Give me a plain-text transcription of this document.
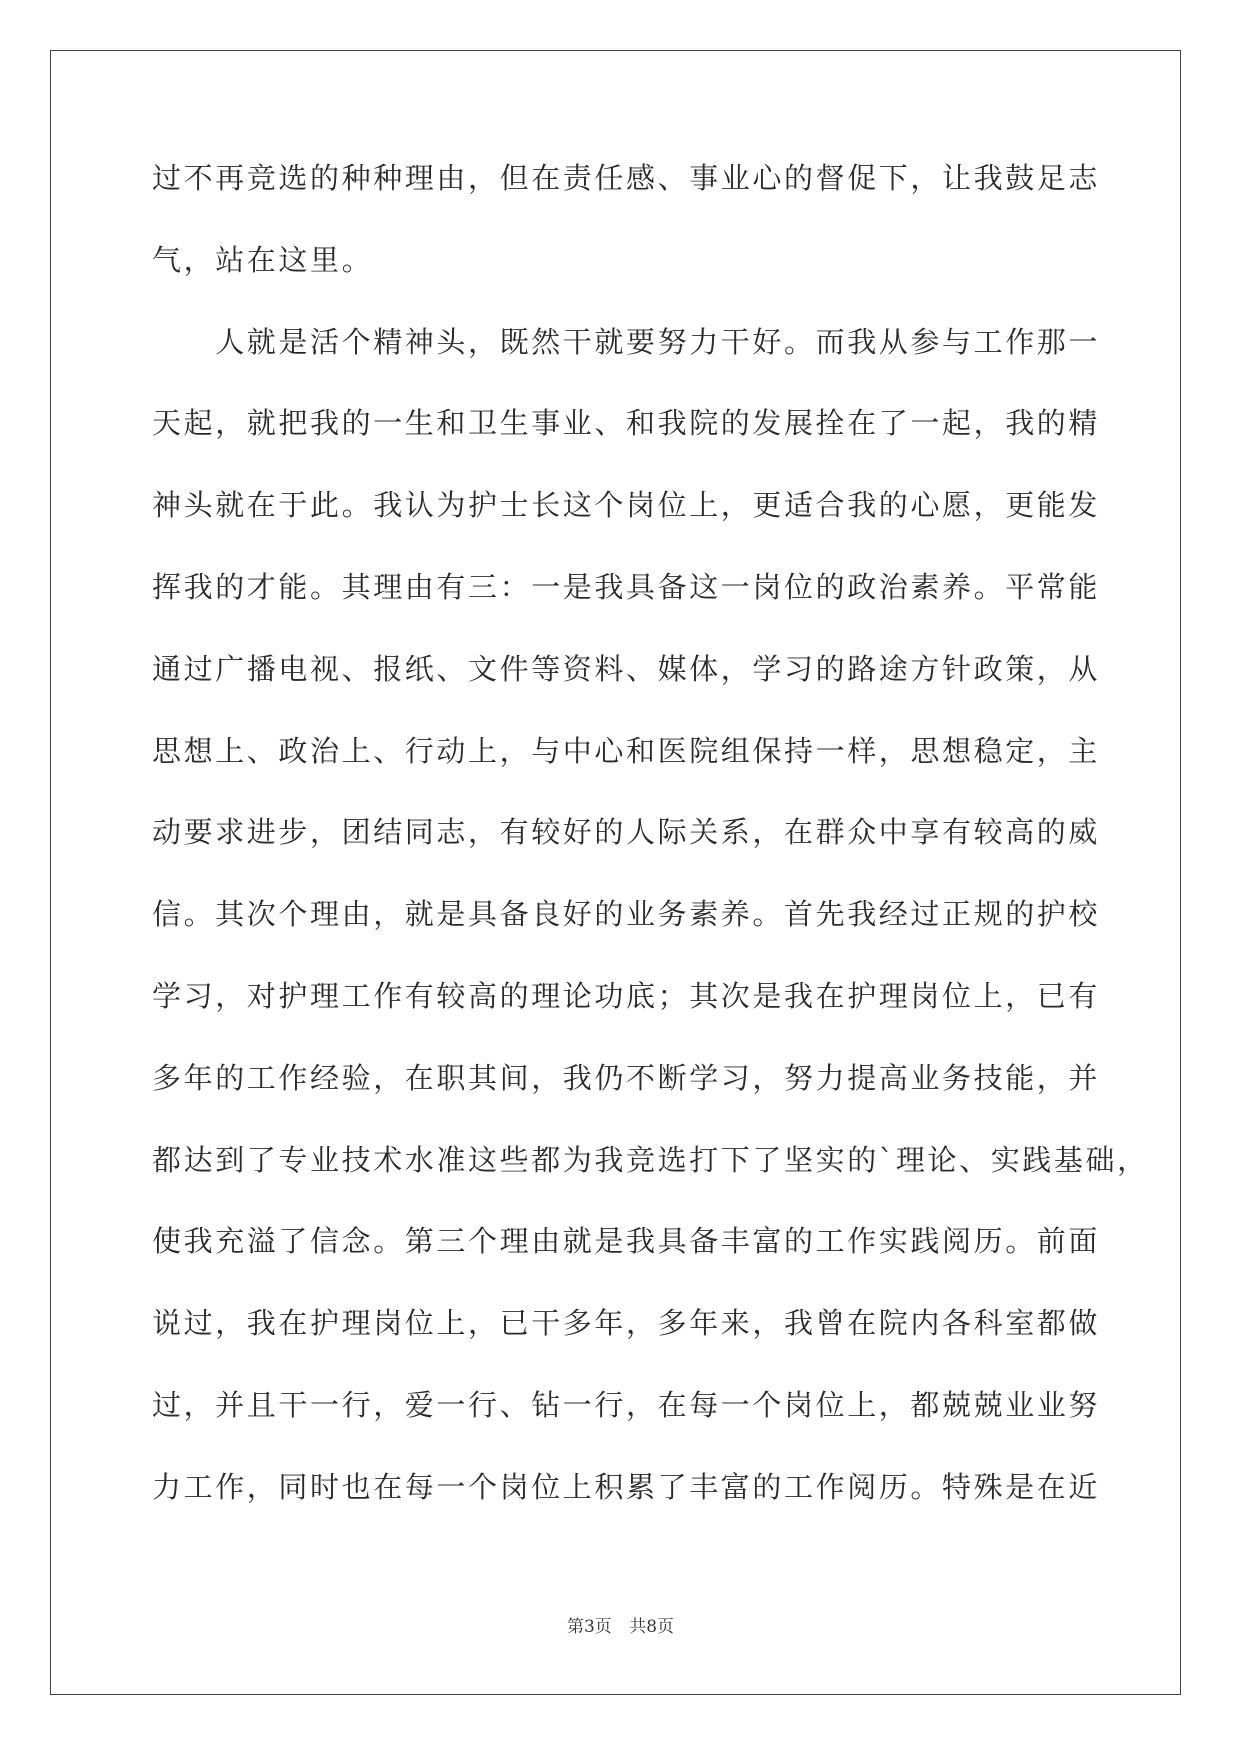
过不再竞选的种种理由，但在责任感、事业心的督促下，让我鼓足志
气，站在这里。
　　人就是活个精神头，既然干就要努力干好。而我从参与工作那一
天起，就把我的一生和卫生事业、和我院的发展拴在了一起，我的精
神头就在于此。我认为护士长这个岗位上，更适合我的心愿，更能发
挥我的才能。其理由有三：一是我具备这一岗位的政治素养。平常能
通过广播电视、报纸、文件等资料、媒体，学习的路途方针政策，从
思想上、政治上、行动上，与中心和医院组保持一样，思想稳定，主
动要求进步，团结同志，有较好的人际关系，在群众中享有较高的威
信。其次个理由，就是具备良好的业务素养。首先我经过正规的护校
学习，对护理工作有较高的理论功底；其次是我在护理岗位上，已有
多年的工作经验，在职其间，我仍不断学习，努力提高业务技能，并
都达到了专业技术水准这些都为我竞选打下了坚实的`理论、实践基础，
使我充溢了信念。第三个理由就是我具备丰富的工作实践阅历。前面
说过，我在护理岗位上，已干多年，多年来，我曾在院内各科室都做
过，并且干一行，爱一行、钻一行，在每一个岗位上，都兢兢业业努
力工作，同时也在每一个岗位上积累了丰富的工作阅历。特殊是在近
第3页 共8页
